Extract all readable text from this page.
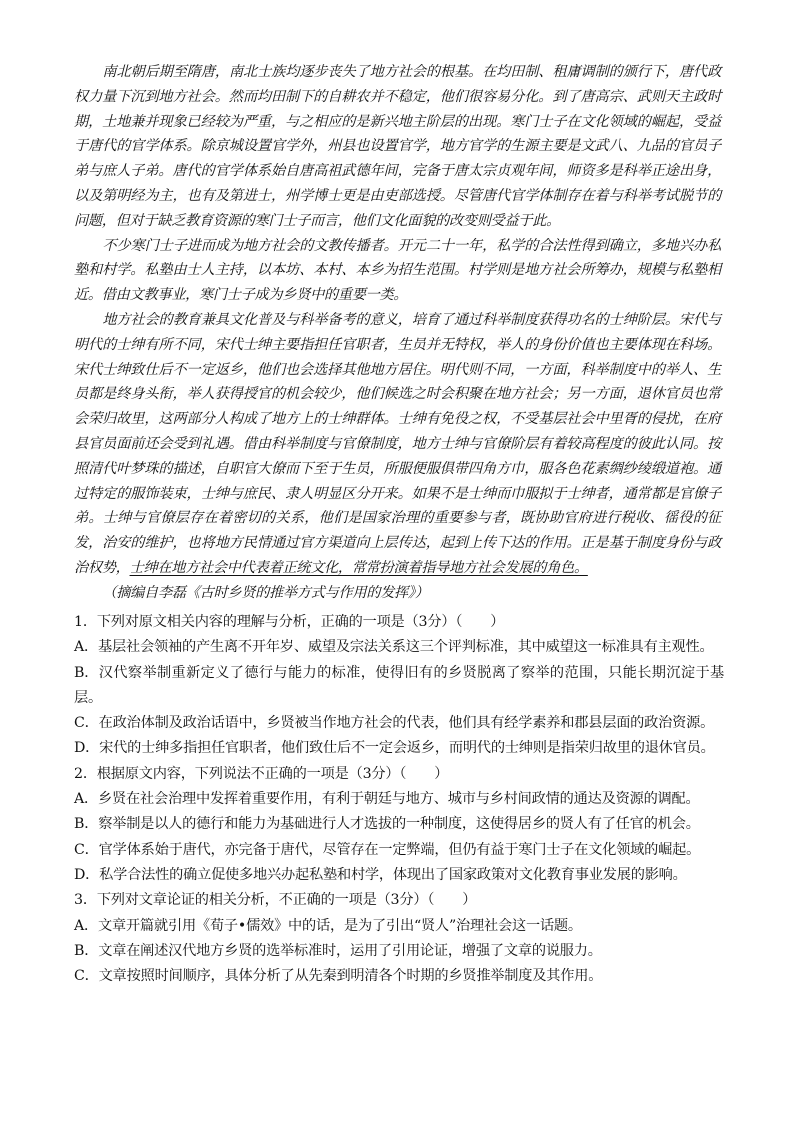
南北朝后期至隋唐，南北士族均逐步丧失了地方社会的根基。在均田制、租庸调制的颁行下，唐代政权力量下沉到地方社会。然而均田制下的自耕农并不稳定，他们很容易分化。到了唐高宗、武则天主政时期，土地兼并现象已经较为严重，与之相应的是新兴地主阶层的出现。寒门士子在文化领域的崛起，受益于唐代的官学体系。除京城设置官学外，州县也设置官学，地方官学的生源主要是文武八、九品的官员子弟与庶人子弟。唐代的官学体系始自唐高祖武德年间，完备于唐太宗贞观年间，师资多是科举正途出身，以及第明经为主，也有及第进士，州学博士更是由吏部选授。尽管唐代官学体制存在着与科举考试脱节的问题，但对于缺乏教育资源的寒门士子而言，他们文化面貌的改变则受益于此。

不少寒门士子进而成为地方社会的文教传播者。开元二十一年，私学的合法性得到确立，多地兴办私塾和村学。私塾由士人主持，以本坊、本村、本乡为招生范围。村学则是地方社会所筹办，规模与私塾相近。借由文教事业，寒门士子成为乡贤中的重要一类。

地方社会的教育兼具文化普及与科举备考的意义，培育了通过科举制度获得功名的士绅阶层。宋代与明代的士绅有所不同，宋代士绅主要指担任官职者，生员并无特权，举人的身份价值也主要体现在科场。宋代士绅致仕后不一定返乡，他们也会选择其他地方居住。明代则不同，一方面，科举制度中的举人、生员都是终身头衔，举人获得授官的机会较少，他们候选之时会积聚在地方社会；另一方面，退休官员也常会荣归故里，这两部分人构成了地方上的士绅群体。士绅有免役之权，不受基层社会中里胥的侵扰，在府县官员面前还会受到礼遇。借由科举制度与官僚制度，地方士绅与官僚阶层有着较高程度的彼此认同。按照清代叶梦珠的描述，自职官大僚而下至于生员，所服便服俱带四角方巾，服各色花素绸纱绫缎道袍。通过特定的服饰装束，士绅与庶民、隶人明显区分开来。如果不是士绅而巾服拟于士绅者，通常都是官僚子弟。士绅与官僚层存在着密切的关系，他们是国家治理的重要参与者，既协助官府进行税收、徭役的征发，治安的维护，也将地方民情通过官方渠道向上层传达，起到上传下达的作用。正是基于制度身份与政治权势，士绅在地方社会中代表着正统文化，常常扮演着指导地方社会发展的角色。

（摘编自李磊《古时乡贤的推举方式与作用的发挥》）

1．下列对原文相关内容的理解与分析，正确的一项是（3分）（　　）

A．基层社会领袖的产生离不开年岁、威望及宗法关系这三个评判标准，其中威望这一标准具有主观性。

B．汉代察举制重新定义了德行与能力的标准，使得旧有的乡贤脱离了察举的范围，只能长期沉淀于基层。

C．在政治体制及政治话语中，乡贤被当作地方社会的代表，他们具有经学素养和郡县层面的政治资源。

D．宋代的士绅多指担任官职者，他们致仕后不一定会返乡，而明代的士绅则是指荣归故里的退休官员。

2．根据原文内容，下列说法不正确的一项是（3分）（　　）

A．乡贤在社会治理中发挥着重要作用，有利于朝廷与地方、城市与乡村间政情的通达及资源的调配。

B．察举制是以人的德行和能力为基础进行人才选拔的一种制度，这使得居乡的贤人有了任官的机会。

C．官学体系始于唐代，亦完备于唐代，尽管存在一定弊端，但仍有益于寒门士子在文化领域的崛起。

D．私学合法性的确立促使多地兴办起私塾和村学，体现出了国家政策对文化教育事业发展的影响。

3．下列对文章论证的相关分析，不正确的一项是（3分）（　　）

A．文章开篇就引用《荀子•儒效》中的话，是为了引出“贤人”治理社会这一话题。

B．文章在阐述汉代地方乡贤的选举标准时，运用了引用论证，增强了文章的说服力。

C．文章按照时间顺序，具体分析了从先秦到明清各个时期的乡贤推举制度及其作用。
